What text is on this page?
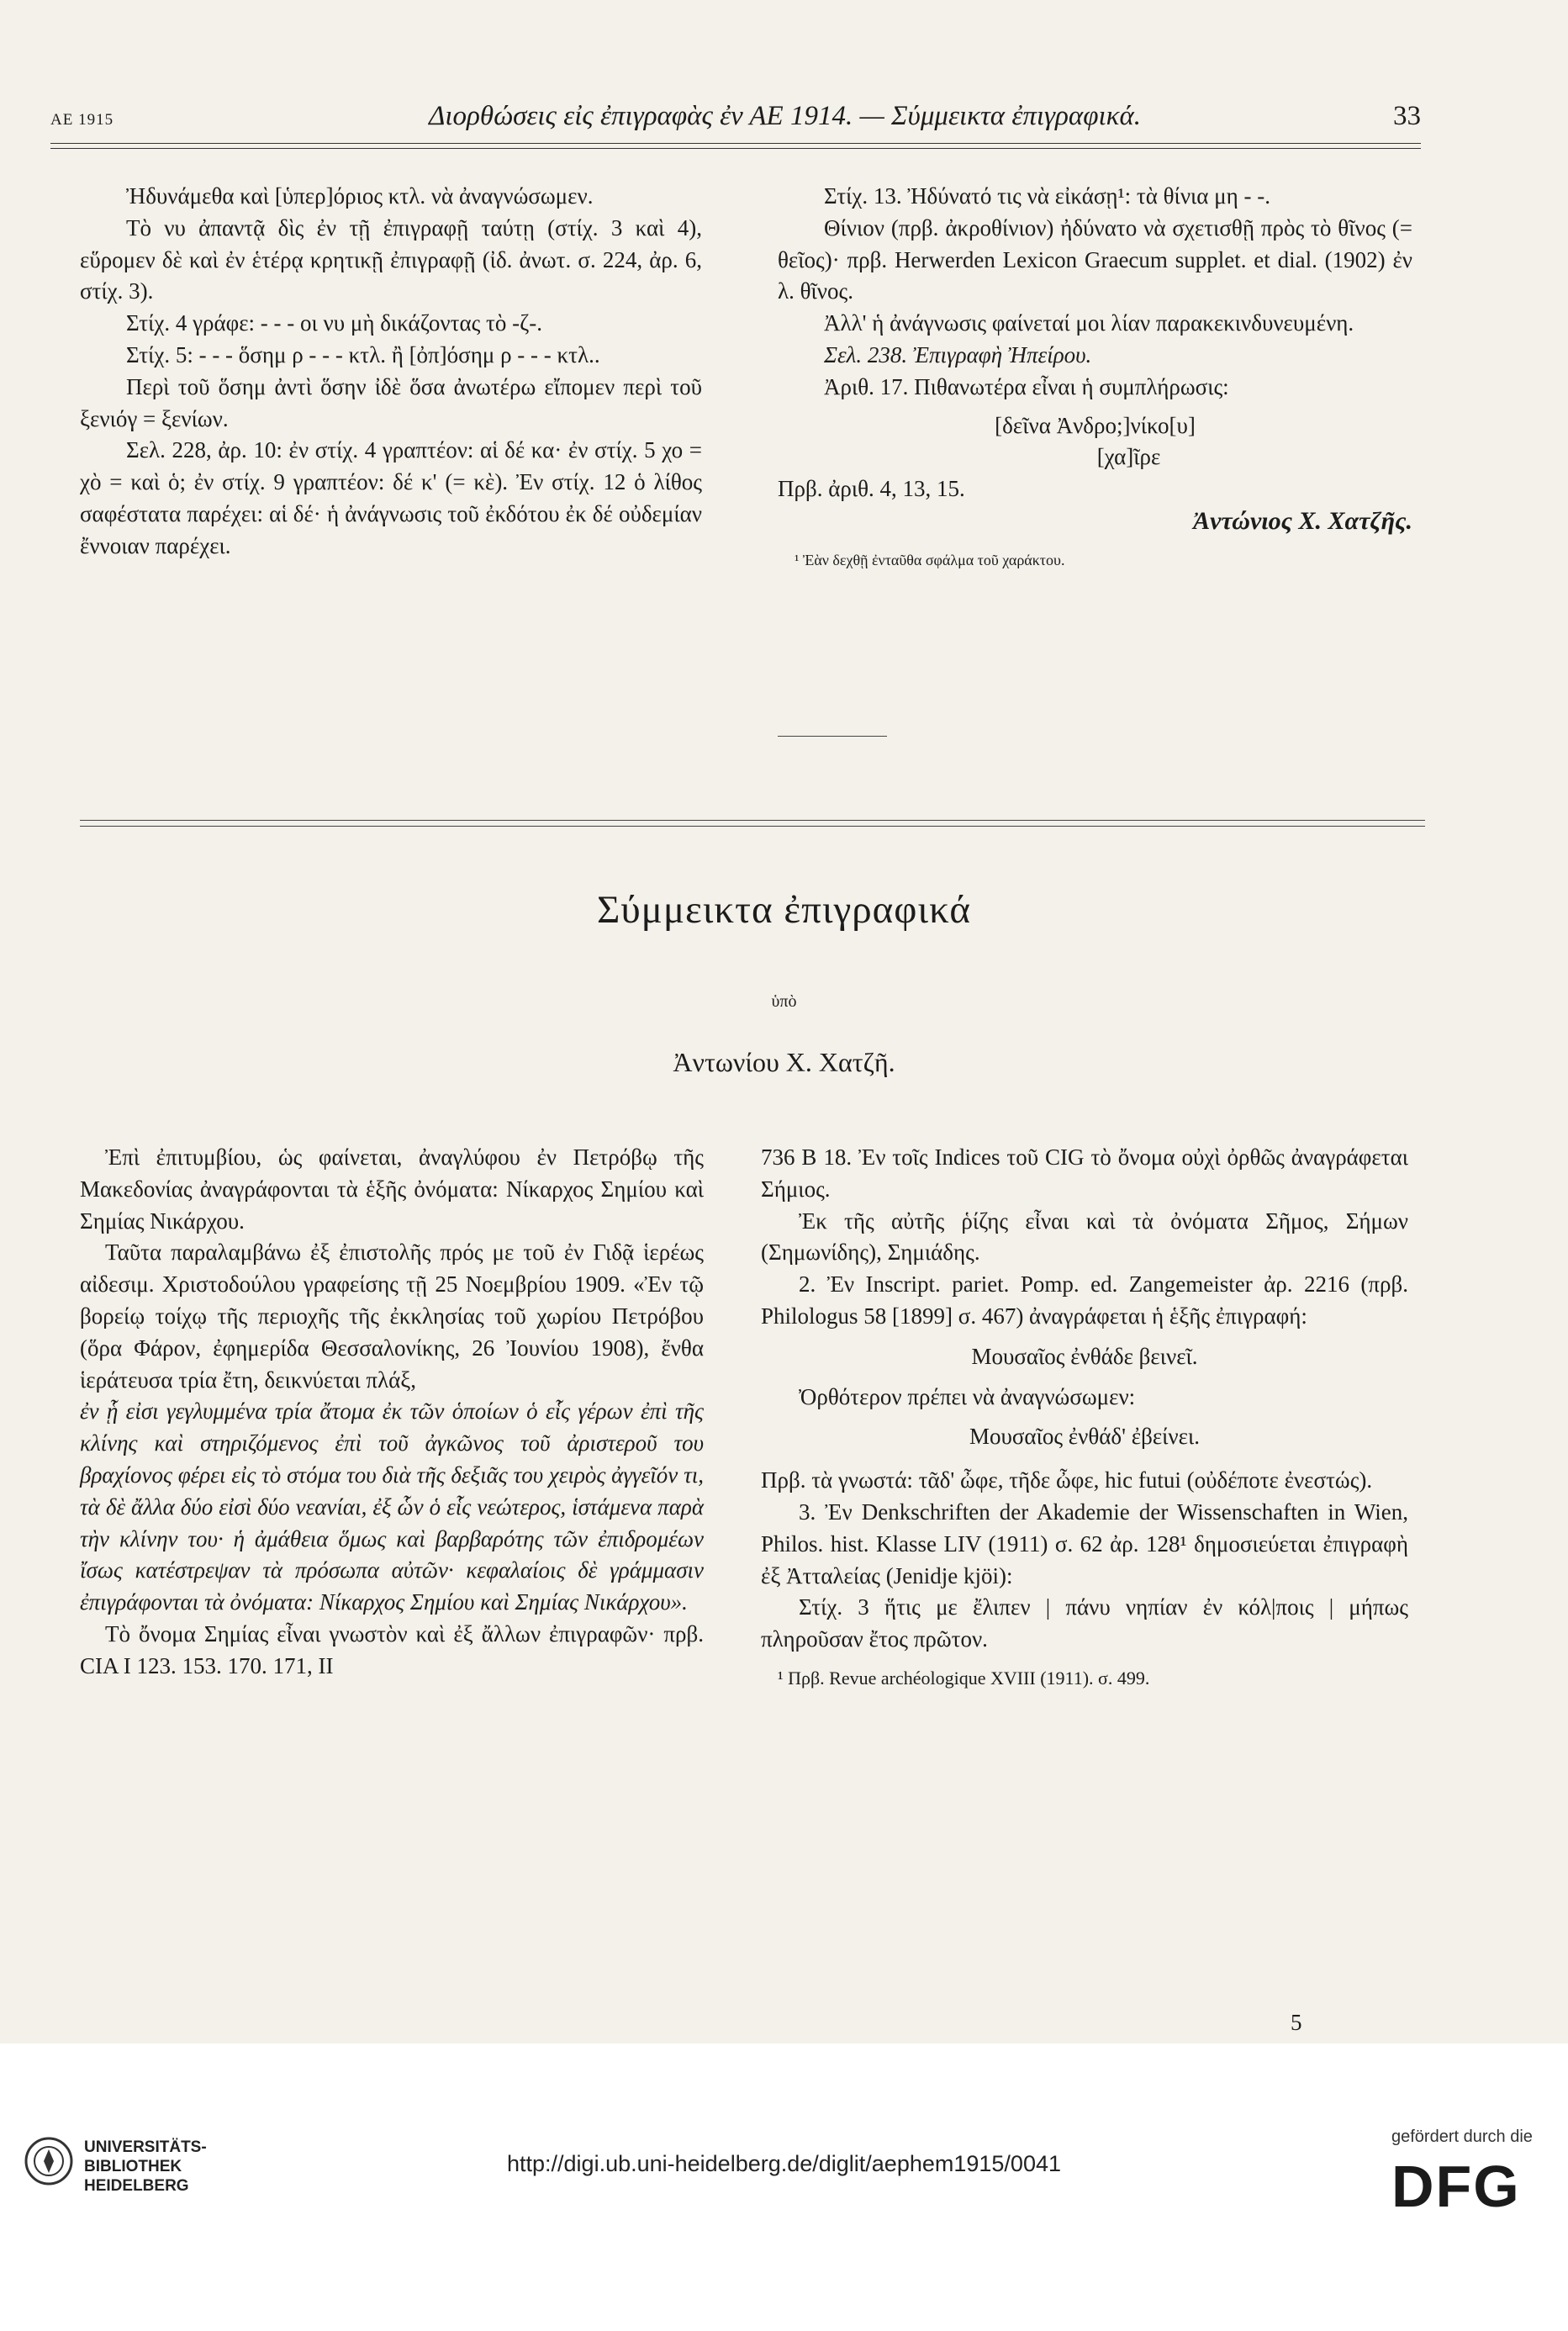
ΑΕ 1915	Διορθώσεις εἰς ἐπιγραφὰς ἐν ΑΕ 1914. — Σύμμεικτα ἐπιγραφικά.	33

Ἠδυνάμεθα καὶ [ὑπερ]όριος κτλ. νὰ ἀναγνώσωμεν.

Τὸ νυ ἀπαντᾷ δὶς ἐν τῇ ἐπιγραφῇ ταύτῃ (στίχ. 3 καὶ 4), εὕρομεν δὲ καὶ ἐν ἑτέρᾳ κρητικῇ ἐπιγραφῇ (ἰδ. ἀνωτ. σ. 224, ἀρ. 6, στίχ. 3).

Στίχ. 4 γράφε: - - - οι νυ μὴ δικάζοντας τὸ -ζ-.

Στίχ. 5: - - - ὅσημ ρ - - - κτλ. ἢ [ὀπ]όσημ ρ - - - κτλ..

Περὶ τοῦ ὅσημ ἀντὶ ὅσην ἰδὲ ὅσα ἀνωτέρω εἴπομεν περὶ τοῦ ξενιόγ = ξενίων.

Σελ. 228, ἀρ. 10: ἐν στίχ. 4 γραπτέον: αἱ δέ κα· ἐν στίχ. 5 χο = χὸ = καὶ ὁ; ἐν στίχ. 9 γραπτέον: δέ κ' (= κὲ). Ἐν στίχ. 12 ὁ λίθος σαφέστατα παρέχει: αἱ δέ· ἡ ἀνάγνωσις τοῦ ἐκδότου ἐκ δέ οὐδεμίαν ἔννοιαν παρέχει.

Στίχ. 13. Ἠδύνατό τις νὰ εἰκάσῃ¹: τὰ θίνια μη - -.

Θίνιον (πρβ. ἀκροθίνιον) ἠδύνατο νὰ σχετισθῇ πρὸς τὸ θῖνος (= θεῖος)· πρβ. Herwerden Lexicon Graecum supplet. et dial. (1902) ἐν λ. θῖνος.

Ἀλλ' ἡ ἀνάγνωσις φαίνεταί μοι λίαν παρακεκινδυνευμένη.

Σελ. 238. Ἐπιγραφὴ Ἠπείρου.

Ἀριθ. 17. Πιθανωτέρα εἶναι ἡ συμπλήρωσις:

[δεῖνα Ἀνδρο;]νίκο[υ]

[χα]ῖρε

Πρβ. ἀριθ. 4, 13, 15.

Ἀντώνιος Χ. Χατζῆς.

¹ Ἐὰν δεχθῇ ἐνταῦθα σφάλμα τοῦ χαράκτου.

Σύμμεικτα ἐπιγραφικά
ὑπὸ
Ἀντωνίου Χ. Χατζῆ.

Ἐπὶ ἐπιτυμβίου, ὡς φαίνεται, ἀναγλύφου ἐν Πετρόβῳ τῆς Μακεδονίας ἀναγράφονται τὰ ἑξῆς ὀνόματα: Νίκαρχος Σημίου καὶ Σημίας Νικάρχου.

Ταῦτα παραλαμβάνω ἐξ ἐπιστολῆς πρός με τοῦ ἐν Γιδᾷ ἱερέως αἰδεσιμ. Χριστοδούλου γραφείσης τῇ 25 Νοεμβρίου 1909. «Ἐν τῷ βορείῳ τοίχῳ τῆς περιοχῆς τῆς ἐκκλησίας τοῦ χωρίου Πετρόβου (ὅρα Φάρον, ἐφημερίδα Θεσσαλονίκης, 26 Ἰουνίου 1908), ἔνθα ἱεράτευσα τρία ἔτη, δεικνύεται πλάξ,

ἐν ᾗ εἰσι γεγλυμμένα τρία ἄτομα ἐκ τῶν ὁποίων ὁ εἷς γέρων ἐπὶ τῆς κλίνης καὶ στηριζόμενος ἐπὶ τοῦ ἀγκῶνος τοῦ ἀριστεροῦ του βραχίονος φέρει εἰς τὸ στόμα του διὰ τῆς δεξιᾶς του χειρὸς ἀγγεῖόν τι, τὰ δὲ ἄλλα δύο εἰσὶ δύο νεανίαι, ἐξ ὧν ὁ εἷς νεώτερος, ἱστάμενα παρὰ τὴν κλίνην του· ἡ ἀμάθεια ὅμως καὶ βαρβαρότης τῶν ἐπιδρομέων ἴσως κατέστρεψαν τὰ πρόσωπα αὐτῶν· κεφαλαίοις δὲ γράμμασιν ἐπιγράφονται τὰ ὀνόματα: Νίκαρχος Σημίου καὶ Σημίας Νικάρχου».

Τὸ ὄνομα Σημίας εἶναι γνωστὸν καὶ ἐξ ἄλλων ἐπιγραφῶν· πρβ. CIA I 123. 153. 170. 171, II

736 B 18. Ἐν τοῖς Indices τοῦ CIG τὸ ὄνομα οὐχὶ ὀρθῶς ἀναγράφεται Σήμιος.

Ἐκ τῆς αὐτῆς ῥίζης εἶναι καὶ τὰ ὀνόματα Σῆμος, Σήμων (Σημωνίδης), Σημιάδης.

2. Ἐν Inscript. pariet. Pomp. ed. Zangemeister ἀρ. 2216 (πρβ. Philologus 58 [1899] σ. 467) ἀναγράφεται ἡ ἑξῆς ἐπιγραφή:

Μουσαῖος ἐνθάδε βεινεῖ.

Ὀρθότερον πρέπει νὰ ἀναγνώσωμεν:

Μουσαῖος ἐνθάδ' ἐβείνει.

Πρβ. τὰ γνωστά: τᾶδ' ὦφε, τῆδε ὦφε, hic futui (οὐδέποτε ἐνεστώς).

3. Ἐν Denkschriften der Akademie der Wissenschaften in Wien, Philos. hist. Klasse LIV (1911) σ. 62 ἀρ. 128¹ δημοσιεύεται ἐπιγραφὴ ἐξ Ἀτταλείας (Jenidje kjöi):

Στίχ. 3 ἥτις με ἔλιπεν | πάνυ νηπίαν ἐν κόλ|ποις | μήπως πληροῦσαν ἔτος πρῶτον.

¹ Πρβ. Revue archéologique XVIII (1911). σ. 499.

5
UNIVERSITÄTS-
BIBLIOTHEK
HEIDELBERG
http://digi.ub.uni-heidelberg.de/diglit/aephem1915/0041
gefördert durch die
DFG
